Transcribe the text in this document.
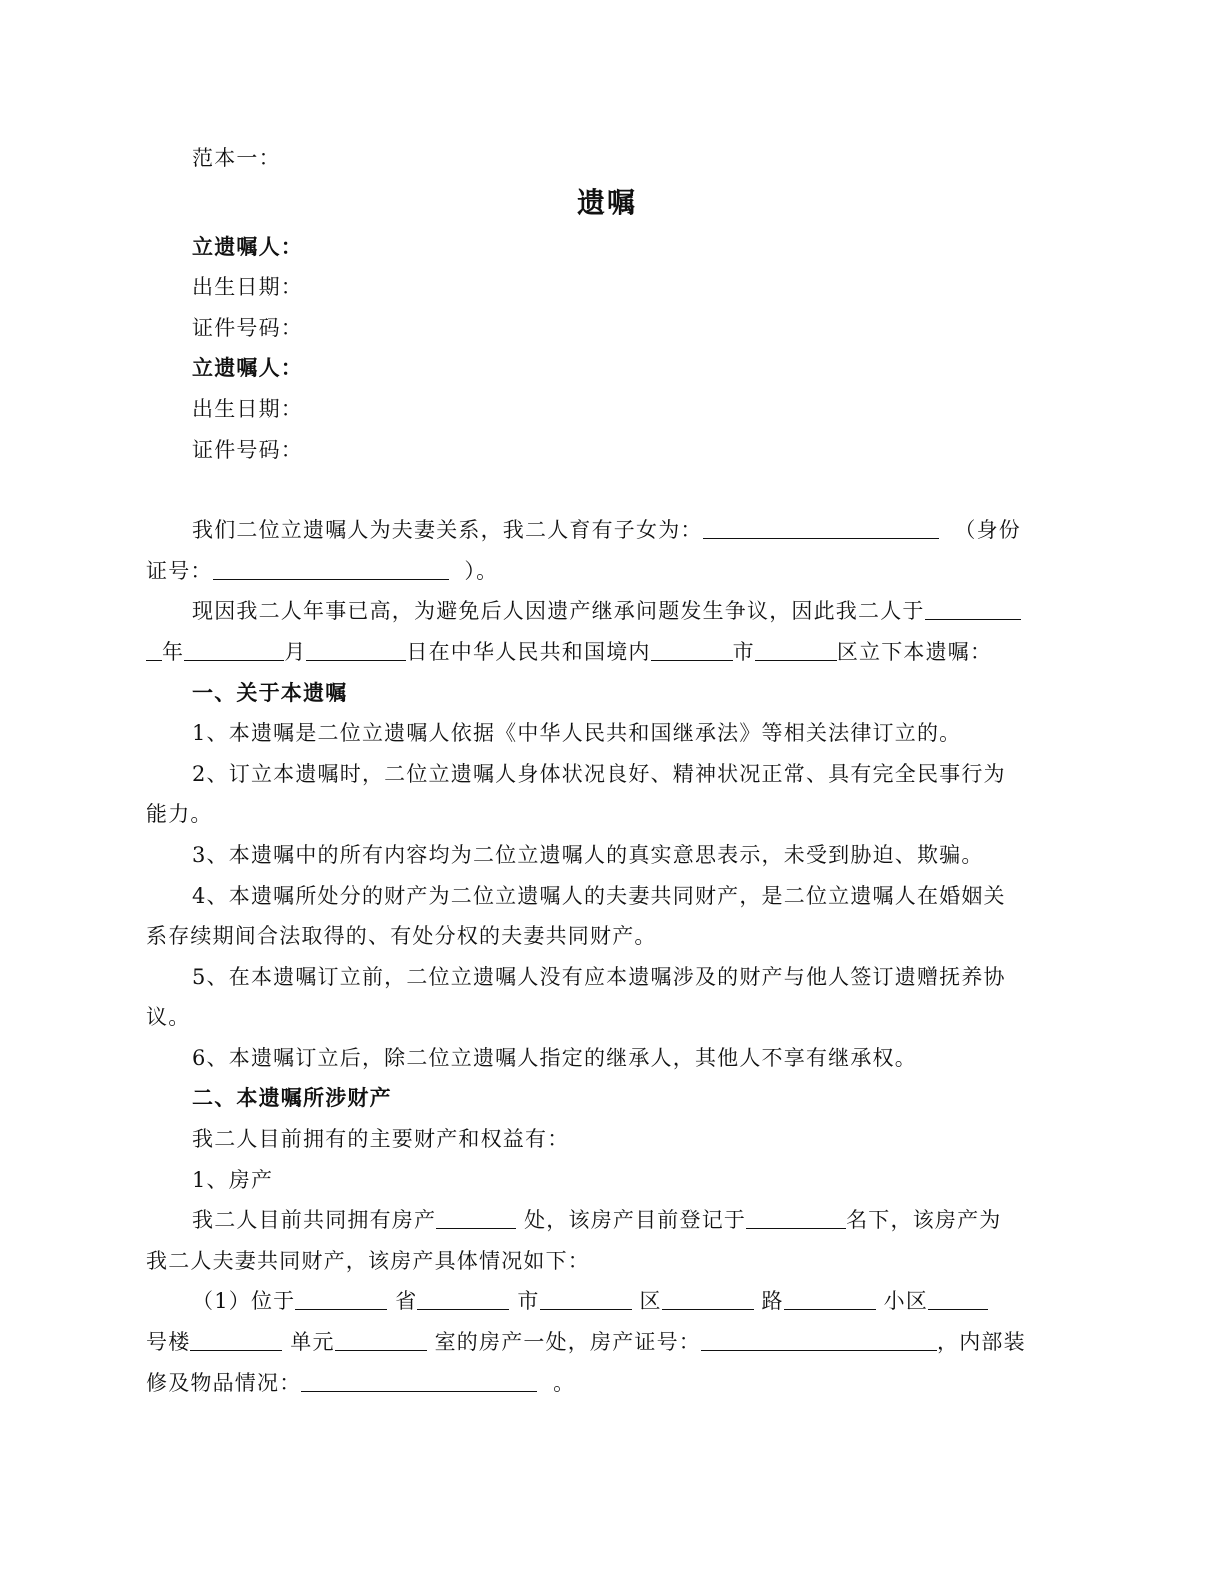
范本一：
遗嘱
立遗嘱人：
出生日期：
证件号码：
立遗嘱人：
出生日期：
证件号码：
我们二位立遗嘱人为夫妻关系，我二人育有子女为：	（身份
证号：	）。
现因我二人年事已高，为避免后人因遗产继承问题发生争议，因此我二人于
年	月	日在中华人民共和国境内	市	区立下本遗嘱：
一、关于本遗嘱
1、本遗嘱是二位立遗嘱人依据《中华人民共和国继承法》等相关法律订立的。
2、订立本遗嘱时，二位立遗嘱人身体状况良好、精神状况正常、具有完全民事行为
能力。
3、本遗嘱中的所有内容均为二位立遗嘱人的真实意思表示，未受到胁迫、欺骗。
4、本遗嘱所处分的财产为二位立遗嘱人的夫妻共同财产，是二位立遗嘱人在婚姻关
系存续期间合法取得的、有处分权的夫妻共同财产。
5、在本遗嘱订立前，二位立遗嘱人没有应本遗嘱涉及的财产与他人签订遗赠抚养协
议。
6、本遗嘱订立后，除二位立遗嘱人指定的继承人，其他人不享有继承权。
二、本遗嘱所涉财产
我二人目前拥有的主要财产和权益有：
1、房产
我二人目前共同拥有房产	处，该房产目前登记于	名下，该房产为
我二人夫妻共同财产，该房产具体情况如下：
（1）位于	省	市	区	路	小区
号楼	单元	室的房产一处，房产证号：	，内部装
修及物品情况：	。
